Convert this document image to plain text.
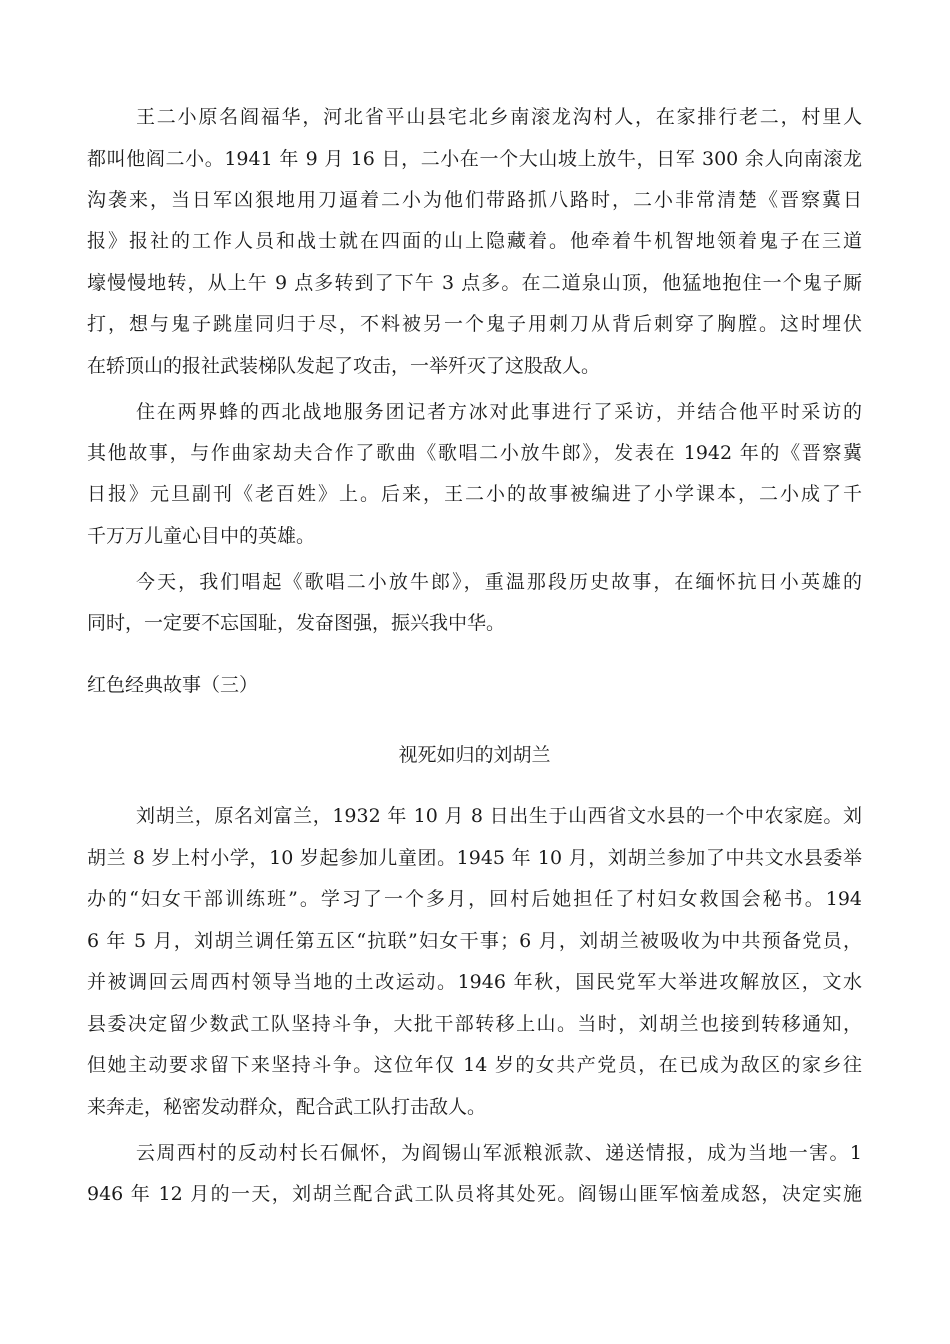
王二小原名阎福华，河北省平山县宅北乡南滚龙沟村人，在家排行老二，村里人
都叫他阎二小。1941 年 9 月 16 日，二小在一个大山坡上放牛，日军 300 余人向南滚龙
沟袭来，当日军凶狠地用刀逼着二小为他们带路抓八路时，二小非常清楚《晋察冀日
报》报社的工作人员和战士就在四面的山上隐藏着。他牵着牛机智地领着鬼子在三道
壕慢慢地转，从上午 9 点多转到了下午 3 点多。在二道泉山顶，他猛地抱住一个鬼子厮
打，想与鬼子跳崖同归于尽，不料被另一个鬼子用刺刀从背后刺穿了胸膛。这时埋伏
在轿顶山的报社武装梯队发起了攻击，一举歼灭了这股敌人。
住在两界蜂的西北战地服务团记者方冰对此事进行了采访，并结合他平时采访的
其他故事，与作曲家劫夫合作了歌曲《歌唱二小放牛郎》，发表在 1942 年的《晋察冀
日报》元旦副刊《老百姓》上。后来，王二小的故事被编进了小学课本，二小成了千
千万万儿童心目中的英雄。
今天，我们唱起《歌唱二小放牛郎》，重温那段历史故事，在缅怀抗日小英雄的
同时，一定要不忘国耻，发奋图强，振兴我中华。
红色经典故事（三）
视死如归的刘胡兰
刘胡兰，原名刘富兰，1932 年 10 月 8 日出生于山西省文水县的一个中农家庭。刘
胡兰 8 岁上村小学，10 岁起参加儿童团。1945 年 10 月，刘胡兰参加了中共文水县委举
办的“妇女干部训练班”。学习了一个多月，回村后她担任了村妇女救国会秘书。194
6 年 5 月，刘胡兰调任第五区“抗联”妇女干事；6 月，刘胡兰被吸收为中共预备党员，
并被调回云周西村领导当地的土改运动。1946 年秋，国民党军大举进攻解放区，文水
县委决定留少数武工队坚持斗争，大批干部转移上山。当时，刘胡兰也接到转移通知，
但她主动要求留下来坚持斗争。这位年仅 14 岁的女共产党员，在已成为敌区的家乡往
来奔走，秘密发动群众，配合武工队打击敌人。
云周西村的反动村长石佩怀，为阎锡山军派粮派款、递送情报，成为当地一害。1
946 年 12 月的一天，刘胡兰配合武工队员将其处死。阎锡山匪军恼羞成怒，决定实施
